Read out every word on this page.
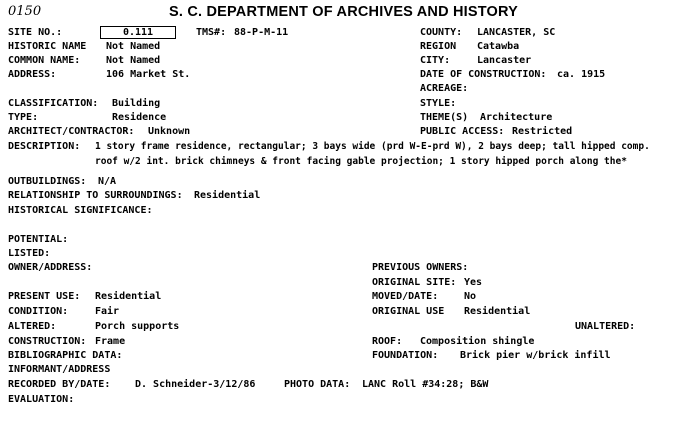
0150	S. C. DEPARTMENT OF ARCHIVES AND HISTORY
SITE NO.:	0.111	TMS#: 88-P-M-11	COUNTY: LANCASTER, SC
HISTORIC NAME Not Named	REGION Catawba
COMMON NAME:	Not Named	CITY:	Lancaster
ADDRESS:	106 Market St.	DATE OF CONSTRUCTION: ca. 1915
ACREAGE:
CLASSIFICATION: Building	STYLE:
TYPE:	Residence	THEME(S) Architecture
ARCHITECT/CONTRACTOR: Unknown	PUBLIC ACCESS: Restricted
DESCRIPTION: 1 story frame residence, rectangular; 3 bays wide (prd W-E-prd W), 2 bays deep; tall hipped comp.
roof w/2 int. brick chimneys & front facing gable projection; 1 story hipped porch along the*
OUTBUILDINGS: N/A
RELATIONSHIP TO SURROUNDINGS: Residential
HISTORICAL SIGNIFICANCE:
POTENTIAL:
LISTED:
OWNER/ADDRESS:	PREVIOUS OWNERS:
ORIGINAL SITE: Yes
PRESENT USE: Residential	MOVED/DATE:	No
CONDITION:	Fair	ORIGINAL USE Residential
ALTERED:	Porch supports	UNALTERED:
CONSTRUCTION: Frame	ROOF: Composition shingle
BIBLIOGRAPHIC DATA:	FOUNDATION: Brick pier w/brick infill
INFORMANT/ADDRESS
RECORDED BY/DATE: D. Schneider-3/12/86	PHOTO DATA: LANC Roll #34:28; B&W
EVALUATION:
